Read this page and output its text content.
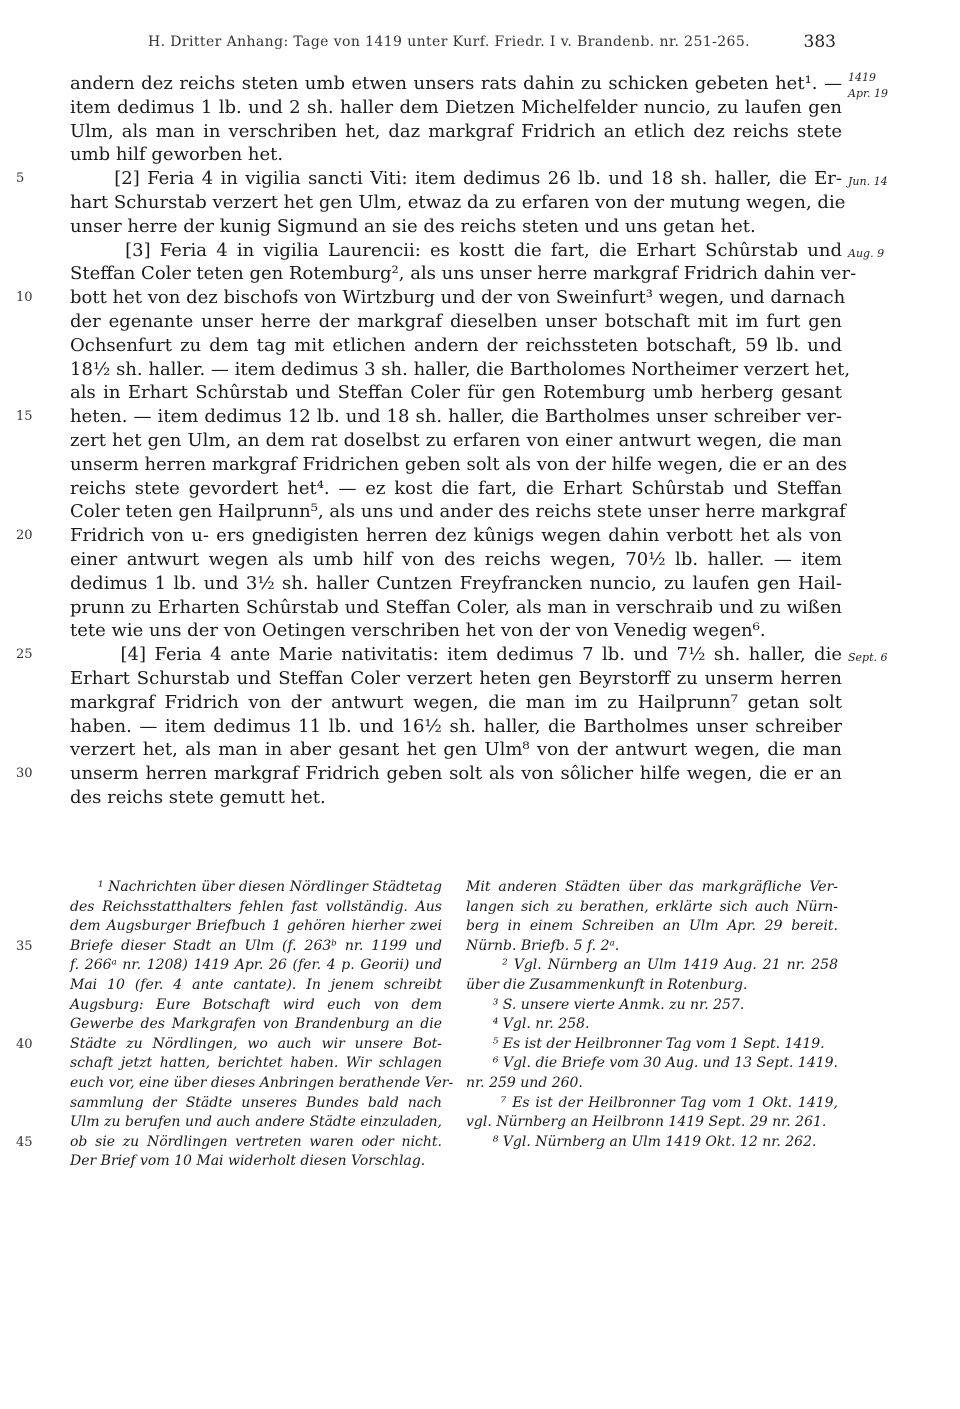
H. Dritter Anhang: Tage von 1419 unter Kurf. Friedr. I v. Brandenb. nr. 251-265.	383
andern dez reichs steten umb etwen unsers rats dahin zu schicken gebeten het¹. —
item dedimus 1 lb. und 2 sh. haller dem Dietzen Michelfelder nuncio, zu laufen gen
Ulm, als man in verschriben het, daz markgraf Fridrich an etlich dez reichs stete
umb hilf geworben het.
5	[2] Feria 4 in vigilia sancti Viti: item dedimus 26 lb. und 18 sh. haller, die Er-
hart Schurstab verzert het gen Ulm, etwaz da zu erfaren von der mutung wegen, die
unser herre der kunig Sigmund an sie des reichs steten und uns getan het.
[3] Feria 4 in vigilia Laurencii: es kostt die fart, die Erhart Schûrstab und
Steffan Coler teten gen Rotemburg², als uns unser herre markgraf Fridrich dahin ver-
10	bott het von dez bischofs von Wirtzburg und der von Sweinfurt³ wegen, und darnach
der egenante unser herre der markgraf dieselben unser botschaft mit im furt gen
Ochsenfurt zu dem tag mit etlichen andern der reichssteten botschaft, 59 lb. und
18½ sh. haller. — item dedimus 3 sh. haller, die Bartholomes Northeimer verzert het,
als in Erhart Schûrstab und Steffan Coler für gen Rotemburg umb herberg gesant
15	heten. — item dedimus 12 lb. und 18 sh. haller, die Bartholmes unser schreiber ver-
zert het gen Ulm, an dem rat doselbst zu erfaren von einer antwurt wegen, die man
unserm herren markgraf Fridrichen geben solt als von der hilfe wegen, die er an des
reichs stete gevordert het⁴. — ez kost die fart, die Erhart Schûrstab und Steffan
Coler teten gen Hailprunn⁵, als uns und ander des reichs stete unser herre markgraf
20	Fridrich von u- ers gnedigisten herren dez kûnigs wegen dahin verbott het als von
einer antwurt wegen als umb hilf von des reichs wegen, 70½ lb. haller. — item
dedimus 1 lb. und 3½ sh. haller Cuntzen Freyfrancken nuncio, zu laufen gen Hail-
prunn zu Erharten Schûrstab und Steffan Coler, als man in verschraib und zu wißen
tete wie uns der von Oetingen verschriben het von der von Venedig wegen⁶.
25	[4] Feria 4 ante Marie nativitatis: item dedimus 7 lb. und 7½ sh. haller, die
Erhart Schurstab und Steffan Coler verzert heten gen Beyrstorff zu unserm herren
markgraf Fridrich von der antwurt wegen, die man im zu Hailprunn⁷ getan solt
haben. — item dedimus 11 lb. und 16½ sh. haller, die Bartholmes unser schreiber
verzert het, als man in aber gesant het gen Ulm⁸ von der antwurt wegen, die man
30	unserm herren markgraf Fridrich geben solt als von sôlicher hilfe wegen, die er an
des reichs stete gemutt het.
1419
Apr. 19
Jun. 14
Aug. 9
Sept. 6
¹ Nachrichten über diesen Nördlinger Städtetag
des Reichsstatthalters fehlen fast vollständig. Aus
dem Augsburger Briefbuch 1 gehören hierher zwei
35	Briefe dieser Stadt an Ulm (f. 263ᵇ nr. 1199 und
f. 266ᵃ nr. 1208) 1419 Apr. 26 (fer. 4 p. Georii) und
Mai 10 (fer. 4 ante cantate). In jenem schreibt
Augsburg: Eure Botschaft wird euch von dem
Gewerbe des Markgrafen von Brandenburg an die
40	Städte zu Nördlingen, wo auch wir unsere Bot-
schaft jetzt hatten, berichtet haben. Wir schlagen
euch vor, eine über dieses Anbringen berathende Ver-
sammlung der Städte unseres Bundes bald nach
Ulm zu berufen und auch andere Städte einzuladen,
45	ob sie zu Nördlingen vertreten waren oder nicht.
Der Brief vom 10 Mai widerholt diesen Vorschlag.
Mit anderen Städten über das markgräfliche Ver-
langen sich zu berathen, erklärte sich auch Nürn-
berg in einem Schreiben an Ulm Apr. 29 bereit.
Nürnb. Briefb. 5 f. 2ᵃ.
² Vgl. Nürnberg an Ulm 1419 Aug. 21 nr. 258
über die Zusammenkunft in Rotenburg.
³ S. unsere vierte Anmk. zu nr. 257.
⁴ Vgl. nr. 258.
⁵ Es ist der Heilbronner Tag vom 1 Sept. 1419.
⁶ Vgl. die Briefe vom 30 Aug. und 13 Sept. 1419.
nr. 259 und 260.
⁷ Es ist der Heilbronner Tag vom 1 Okt. 1419,
vgl. Nürnberg an Heilbronn 1419 Sept. 29 nr. 261.
⁸ Vgl. Nürnberg an Ulm 1419 Okt. 12 nr. 262.
